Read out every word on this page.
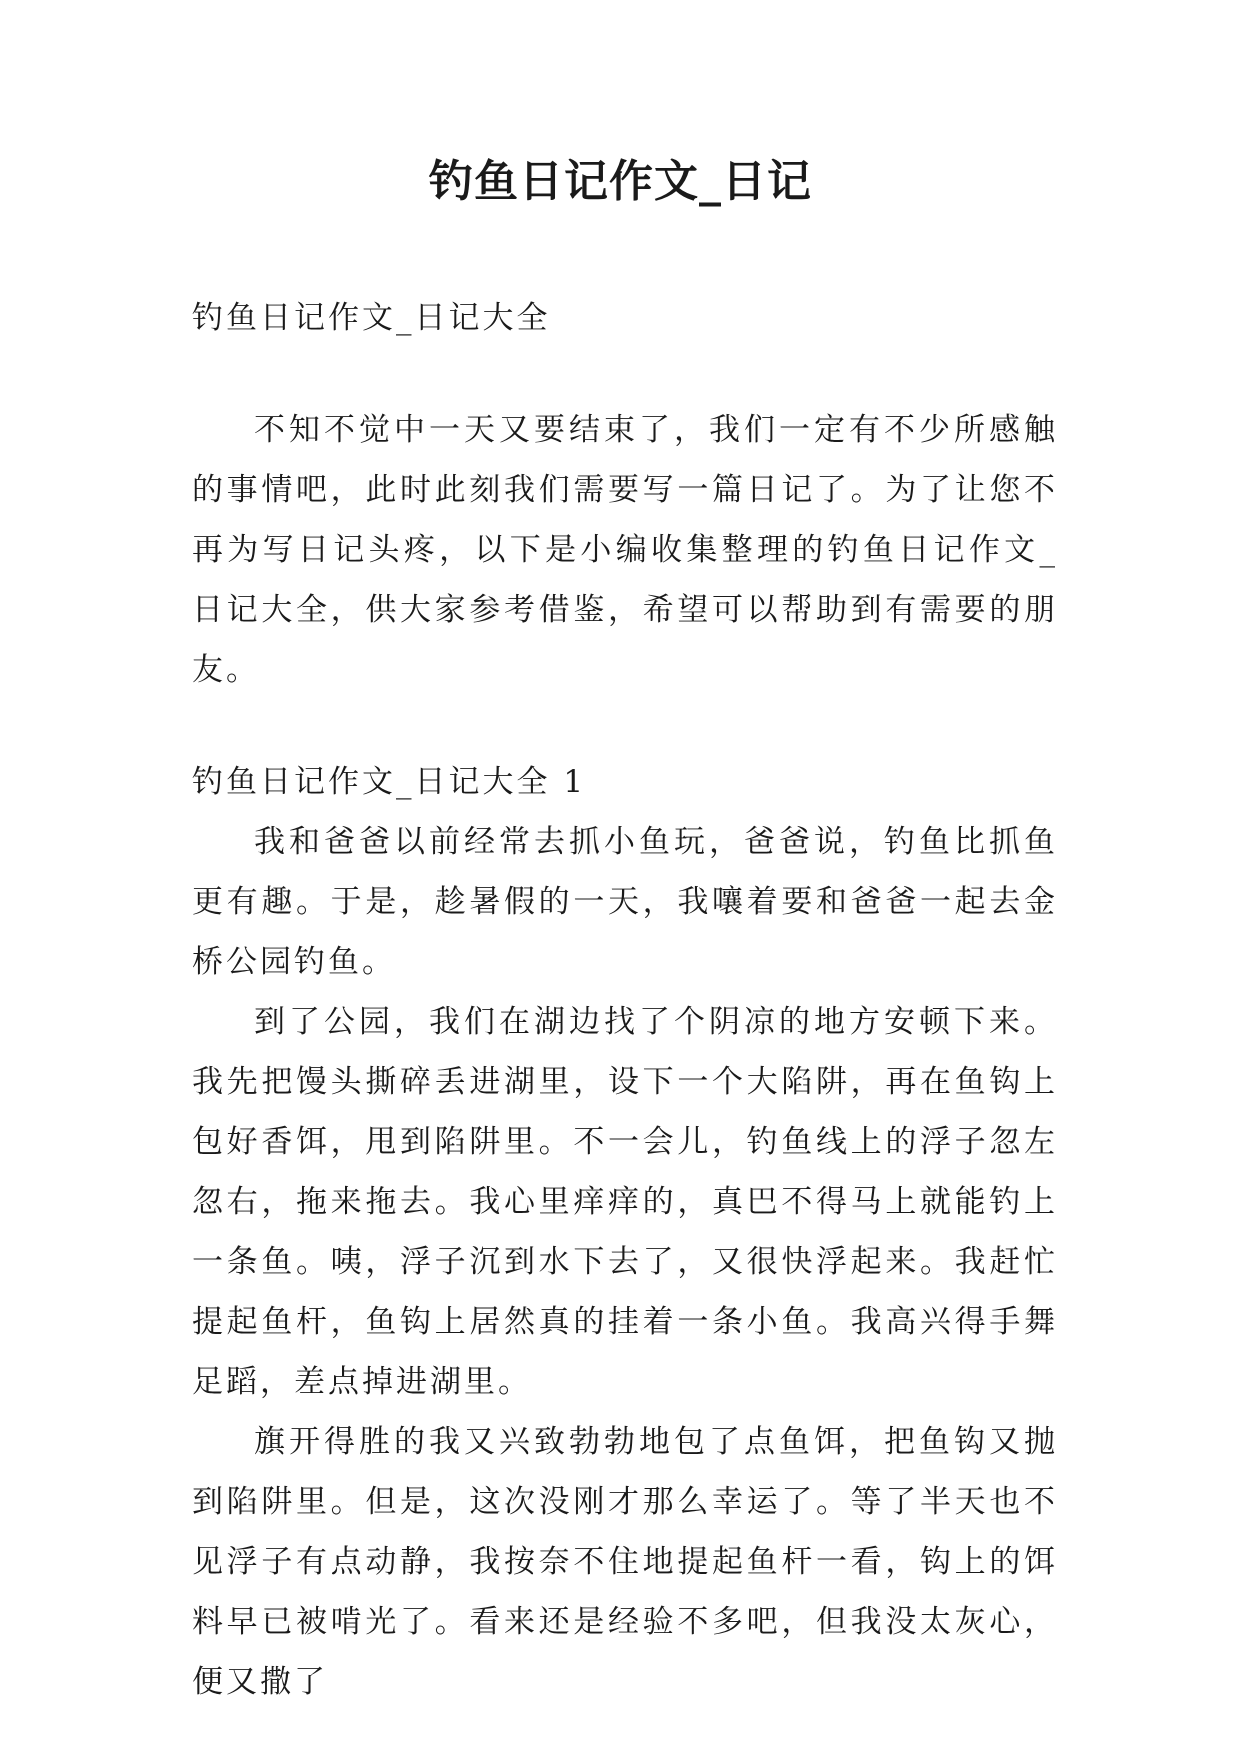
钓鱼日记作文_日记

钓鱼日记作文_日记大全

不知不觉中一天又要结束了，我们一定有不少所感触的事情吧，此时此刻我们需要写一篇日记了。为了让您不再为写日记头疼，以下是小编收集整理的钓鱼日记作文_日记大全，供大家参考借鉴，希望可以帮助到有需要的朋友。

钓鱼日记作文_日记大全 1

我和爸爸以前经常去抓小鱼玩，爸爸说，钓鱼比抓鱼更有趣。于是，趁暑假的一天，我嚷着要和爸爸一起去金桥公园钓鱼。

到了公园，我们在湖边找了个阴凉的地方安顿下来。我先把馒头撕碎丢进湖里，设下一个大陷阱，再在鱼钩上包好香饵，甩到陷阱里。不一会儿，钓鱼线上的浮子忽左忽右，拖来拖去。我心里痒痒的，真巴不得马上就能钓上一条鱼。咦，浮子沉到水下去了，又很快浮起来。我赶忙提起鱼杆，鱼钩上居然真的挂着一条小鱼。我高兴得手舞足蹈，差点掉进湖里。

旗开得胜的我又兴致勃勃地包了点鱼饵，把鱼钩又抛到陷阱里。但是，这次没刚才那么幸运了。等了半天也不见浮子有点动静，我按奈不住地提起鱼杆一看，钩上的饵料早已被啃光了。看来还是经验不多吧，但我没太灰心，便又撒了
